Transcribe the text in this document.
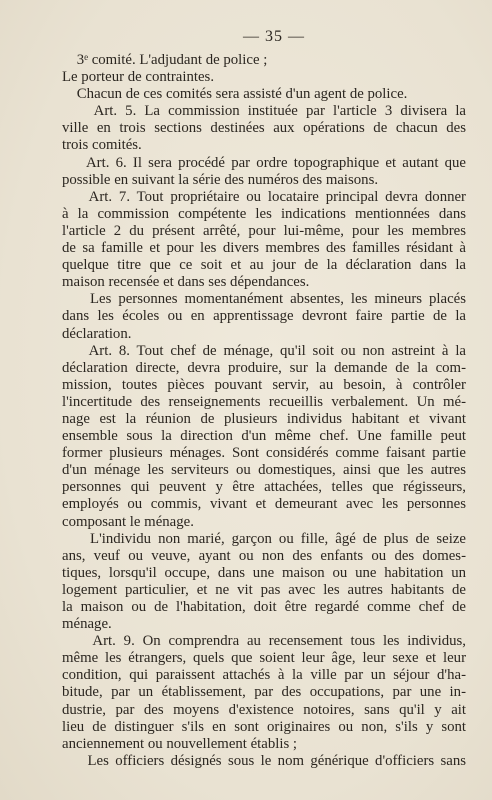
— 35 —
3ᵉ comité. L'adjudant de police ;
Le porteur de contraintes.
Chacun de ces comités sera assisté d'un agent de police.
Art. 5. La commission instituée par l'article 3 divisera la
ville en trois sections destinées aux opérations de chacun des
trois comités.
Art. 6. Il sera procédé par ordre topographique et autant que
possible en suivant la série des numéros des maisons.
Art. 7. Tout propriétaire ou locataire principal devra donner
à la commission compétente les indications mentionnées dans
l'article 2 du présent arrêté, pour lui-même, pour les membres
de sa famille et pour les divers membres des familles résidant à
quelque titre que ce soit et au jour de la déclaration dans la
maison recensée et dans ses dépendances.
Les personnes momentanément absentes, les mineurs placés
dans les écoles ou en apprentissage devront faire partie de la
déclaration.
Art. 8. Tout chef de ménage, qu'il soit ou non astreint à la
déclaration directe, devra produire, sur la demande de la com-
mission, toutes pièces pouvant servir, au besoin, à contrôler
l'incertitude des renseignements recueillis verbalement. Un mé-
nage est la réunion de plusieurs individus habitant et vivant
ensemble sous la direction d'un même chef. Une famille peut
former plusieurs ménages. Sont considérés comme faisant partie
d'un ménage les serviteurs ou domestiques, ainsi que les autres
personnes qui peuvent y être attachées, telles que régisseurs,
employés ou commis, vivant et demeurant avec les personnes
composant le ménage.
L'individu non marié, garçon ou fille, âgé de plus de seize
ans, veuf ou veuve, ayant ou non des enfants ou des domes-
tiques, lorsqu'il occupe, dans une maison ou une habitation un
logement particulier, et ne vit pas avec les autres habitants de
la maison ou de l'habitation, doit être regardé comme chef de
ménage.
Art. 9. On comprendra au recensement tous les individus,
même les étrangers, quels que soient leur âge, leur sexe et leur
condition, qui paraissent attachés à la ville par un séjour d'ha-
bitude, par un établissement, par des occupations, par une in-
dustrie, par des moyens d'existence notoires, sans qu'il y ait
lieu de distinguer s'ils en sont originaires ou non, s'ils y sont
anciennement ou nouvellement établis ;
Les officiers désignés sous le nom générique d'officiers sans
